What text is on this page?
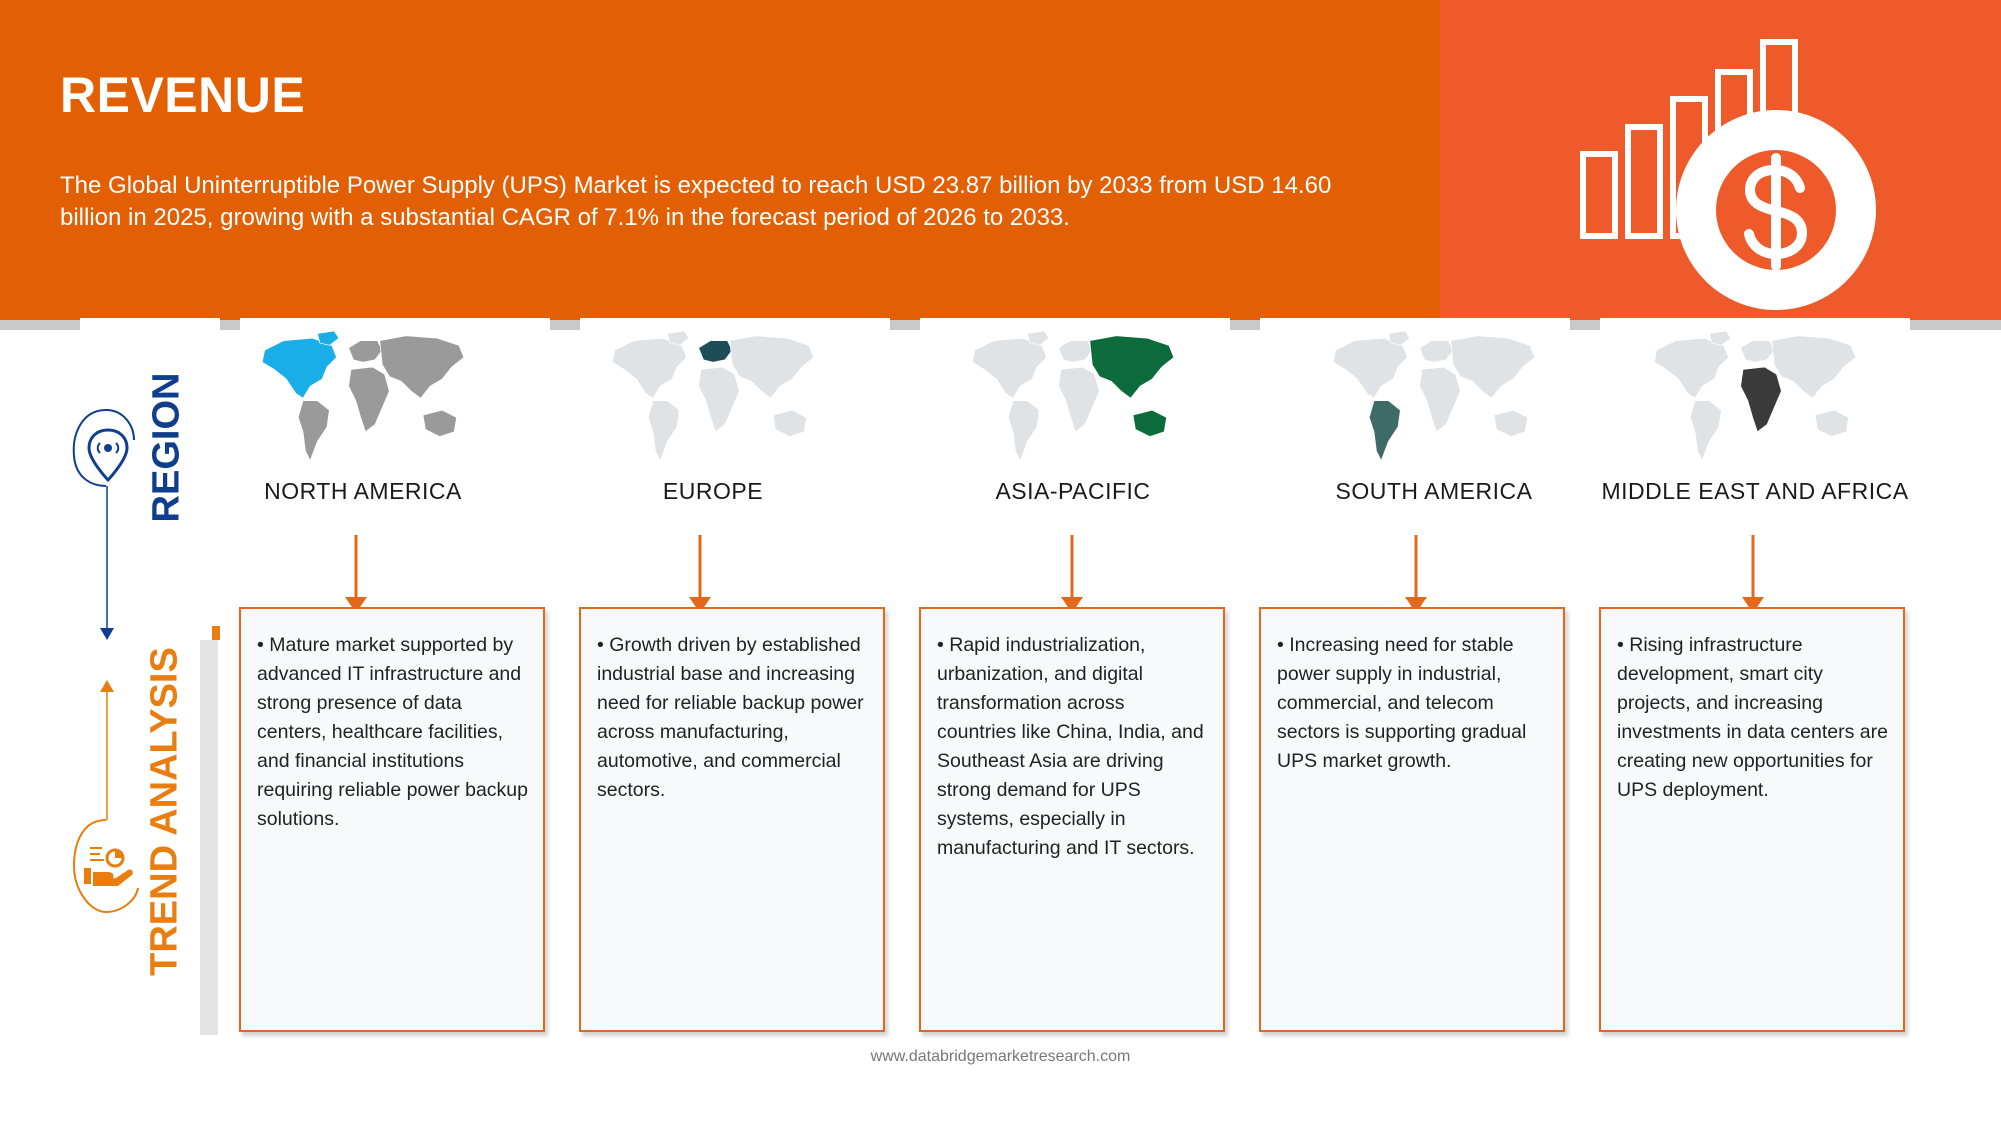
REVENUE

The Global Uninterruptible Power Supply (UPS) Market is expected to reach USD 23.87 billion by 2033 from USD 14.60 billion in 2025, growing with a substantial CAGR of 7.1% in the forecast period of 2026 to 2033.

REGION
TREND ANALYSIS
NORTH AMERICA	EUROPE	ASIA-PACIFIC	SOUTH AMERICA	MIDDLE EAST AND AFRICA

• Mature market supported by advanced IT infrastructure and strong presence of data centers, healthcare facilities, and financial institutions requiring reliable power backup solutions.

• Growth driven by established industrial base and increasing need for reliable backup power across manufacturing, automotive, and commercial sectors.

• Rapid industrialization, urbanization, and digital transformation across countries like China, India, and Southeast Asia are driving strong demand for UPS systems, especially in manufacturing and IT sectors.

• Increasing need for stable power supply in industrial, commercial, and telecom sectors is supporting gradual UPS market growth.

• Rising infrastructure development, smart city projects, and increasing investments in data centers are creating new opportunities for UPS deployment.

www.databridgemarketresearch.com
